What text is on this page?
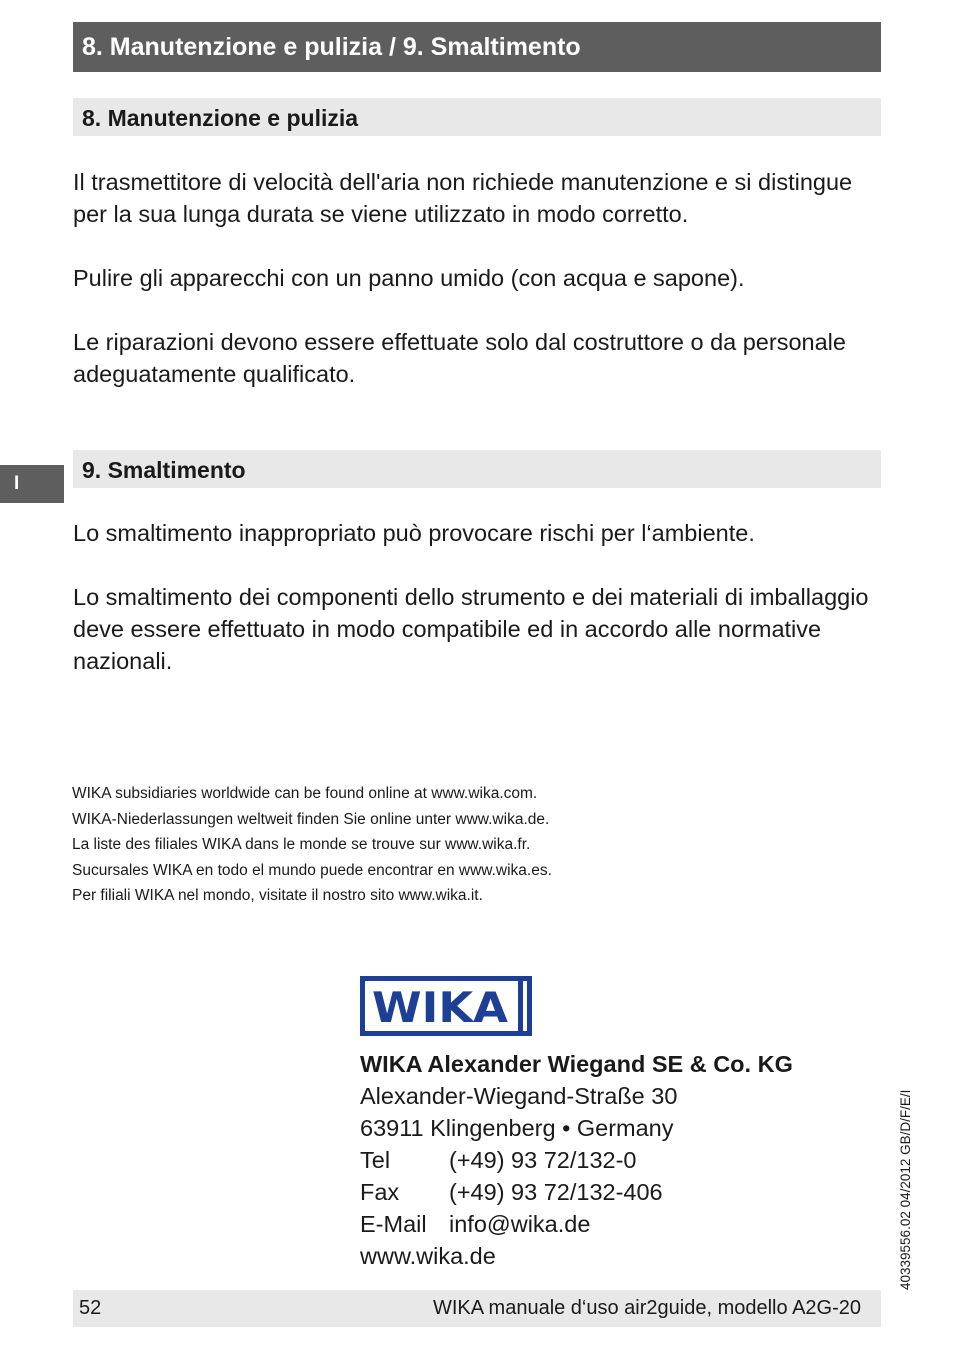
8. Manutenzione e pulizia / 9. Smaltimento
8. Manutenzione e pulizia
Il trasmettitore di velocità dell'aria non richiede manutenzione e si distingue per la sua lunga durata se viene utilizzato in modo corretto.
Pulire gli apparecchi con un panno umido (con acqua e sapone).
Le riparazioni devono essere effettuate solo dal costruttore o da personale adeguatamente qualificato.
I
9. Smaltimento
Lo smaltimento inappropriato può provocare rischi per l‘ambiente.
Lo smaltimento dei componenti dello strumento e dei materiali di imballaggio deve essere effettuato in modo compatibile ed in accordo alle normative nazionali.
WIKA subsidiaries worldwide can be found online at www.wika.com.
WIKA-Niederlassungen weltweit finden Sie online unter www.wika.de.
La liste des filiales WIKA dans le monde se trouve sur www.wika.fr.
Sucursales WIKA en todo el mundo puede encontrar en www.wika.es.
Per filiali WIKA nel mondo, visitate il nostro sito www.wika.it.
WIKA
WIKA Alexander Wiegand SE & Co. KG
Alexander-Wiegand-Straße 30
63911 Klingenberg • Germany
Tel	(+49) 93 72/132-0
Fax	(+49) 93 72/132-406
E-Mail info@wika.de
www.wika.de	40339556.02 04/2012 GB/D/F/E/I
52	WIKA manuale d‘uso air2guide, modello A2G-20
